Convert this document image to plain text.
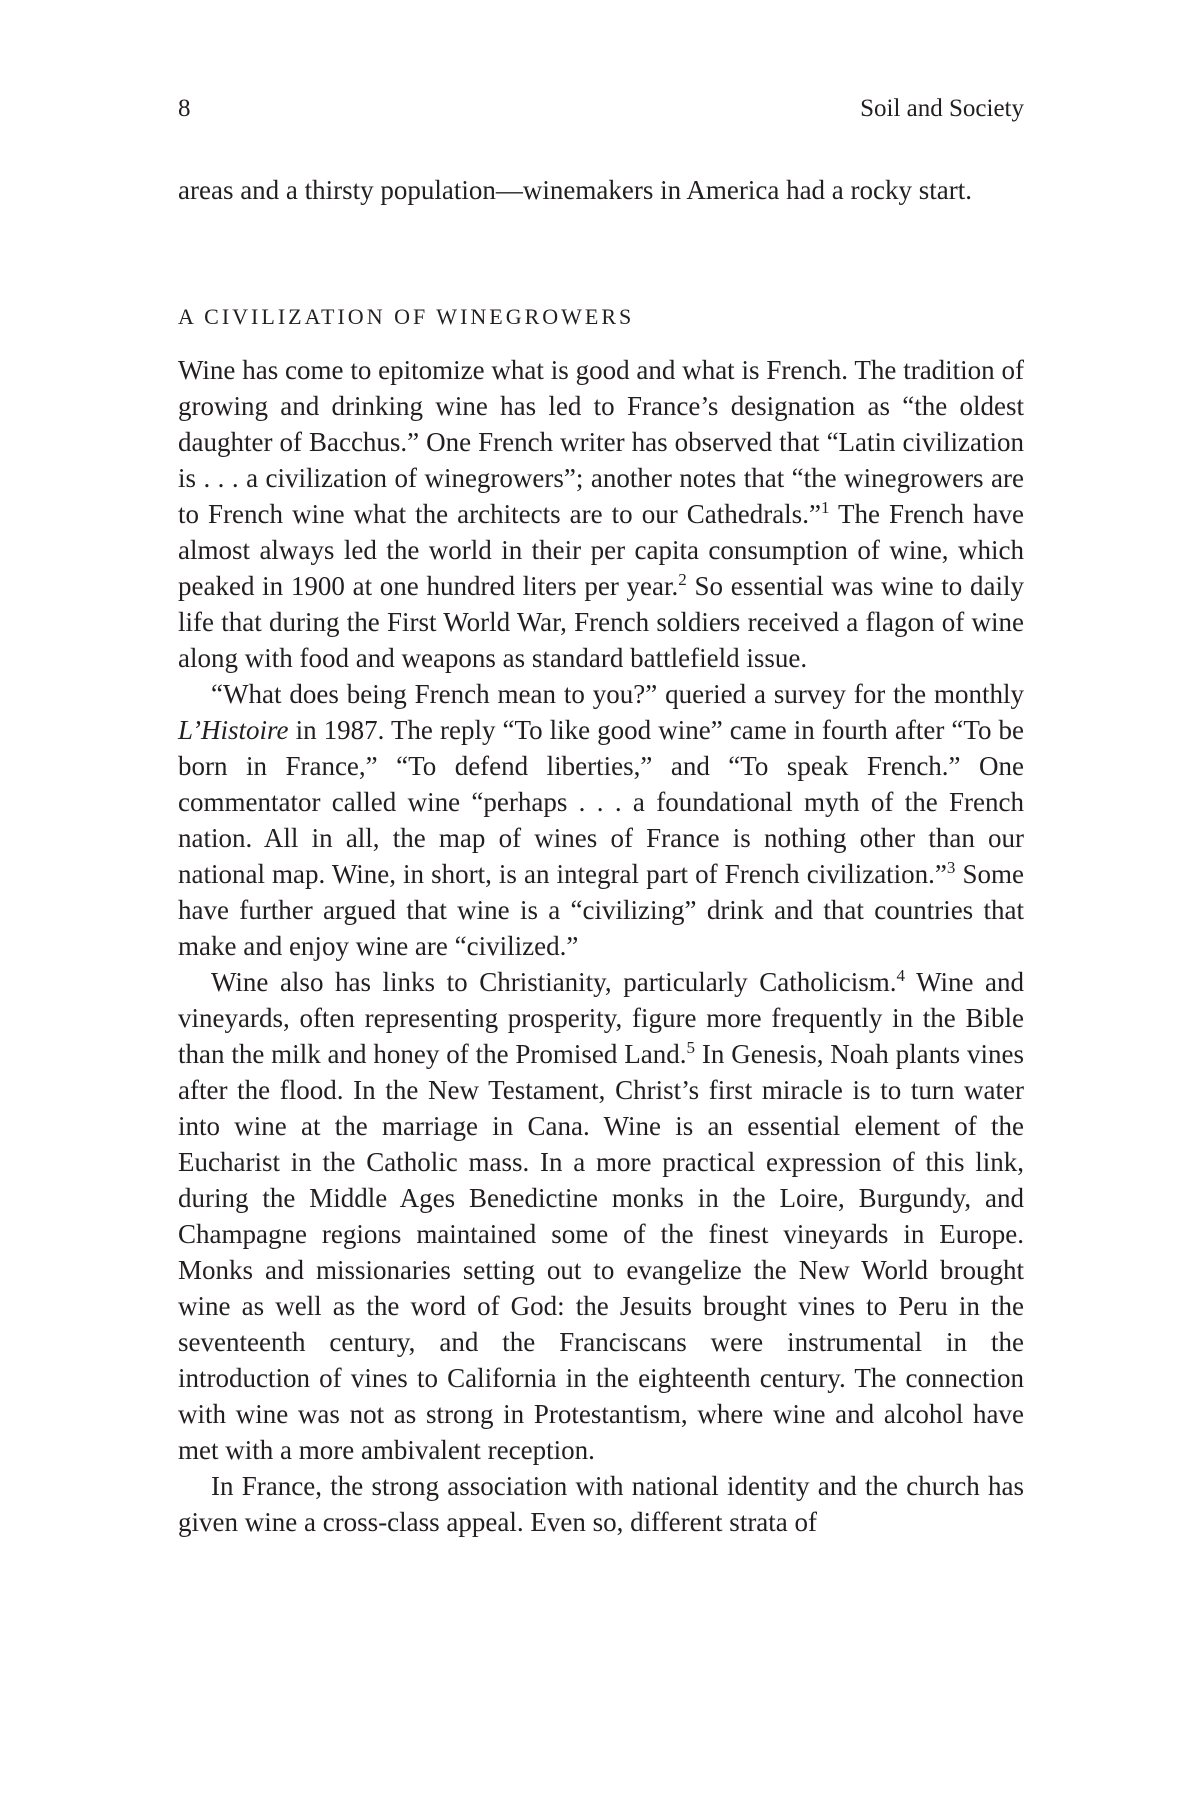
8	Soil and Society

areas and a thirsty population—winemakers in America had a rocky start.

A CIVILIZATION OF WINEGROWERS

Wine has come to epitomize what is good and what is French. The tradition of growing and drinking wine has led to France’s designation as “the oldest daughter of Bacchus.” One French writer has observed that “Latin civilization is . . . a civilization of winegrowers”; another notes that “the winegrowers are to French wine what the architects are to our Cathedrals.”$^1$ The French have almost always led the world in their per capita consumption of wine, which peaked in 1900 at one hundred liters per year.$^2$ So essential was wine to daily life that during the First World War, French soldiers received a flagon of wine along with food and weapons as standard battlefield issue.

“What does being French mean to you?” queried a survey for the monthly L’Histoire in 1987. The reply “To like good wine” came in fourth after “To be born in France,” “To defend liberties,” and “To speak French.” One commentator called wine “perhaps . . . a foundational myth of the French nation. All in all, the map of wines of France is nothing other than our national map. Wine, in short, is an integral part of French civilization.”$^3$ Some have further argued that wine is a “civilizing” drink and that countries that make and enjoy wine are “civilized.”

Wine also has links to Christianity, particularly Catholicism.$^4$ Wine and vineyards, often representing prosperity, figure more frequently in the Bible than the milk and honey of the Promised Land.$^5$ In Genesis, Noah plants vines after the flood. In the New Testament, Christ’s first miracle is to turn water into wine at the marriage in Cana. Wine is an essential element of the Eucharist in the Catholic mass. In a more practical expression of this link, during the Middle Ages Benedictine monks in the Loire, Burgundy, and Champagne regions maintained some of the finest vineyards in Europe. Monks and missionaries setting out to evangelize the New World brought wine as well as the word of God: the Jesuits brought vines to Peru in the seventeenth century, and the Franciscans were instrumental in the introduction of vines to California in the eighteenth century. The connection with wine was not as strong in Protestantism, where wine and alcohol have met with a more ambivalent reception.

In France, the strong association with national identity and the church has given wine a cross-class appeal. Even so, different strata of
